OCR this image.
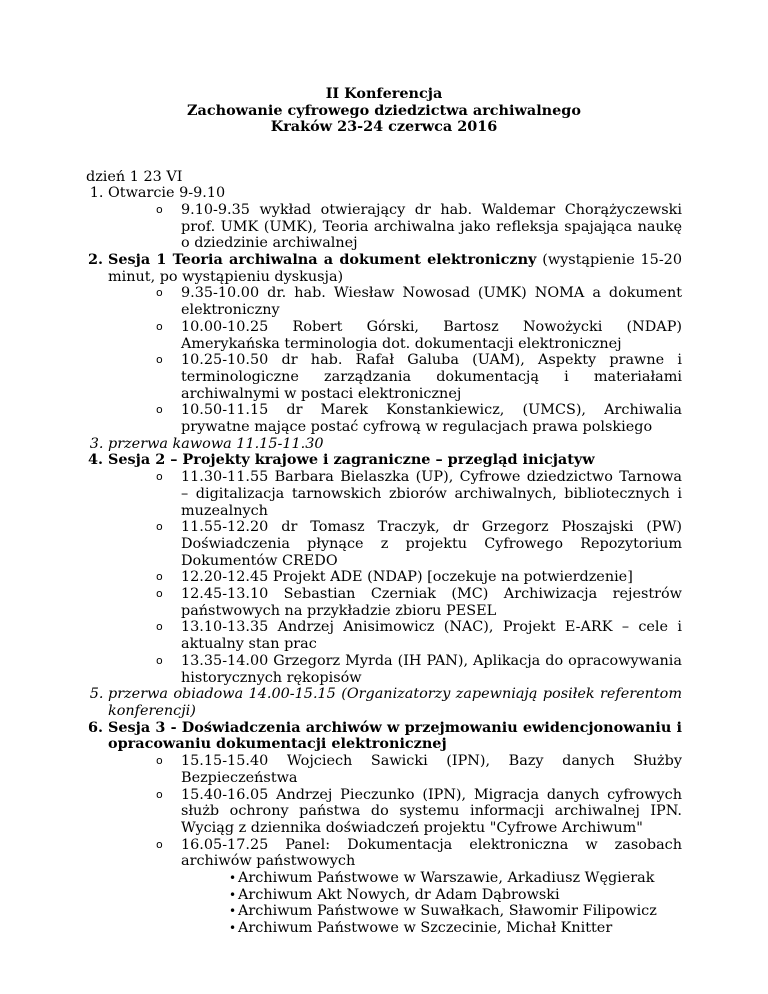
II Konferencja
Zachowanie cyfrowego dziedzictwa archiwalnego
Kraków 23-24 czerwca 2016
dzień 1 23 VI
1. Otwarcie 9-9.10
o 9.10-9.35 wykład otwierający dr hab. Waldemar Chorążyczewski prof. UMK (UMK), Teoria archiwalna jako refleksja spajająca naukę o dziedzinie archiwalnej
2. Sesja 1 Teoria archiwalna a dokument elektroniczny (wystąpienie 15-20 minut, po wystąpieniu dyskusja)
o 9.35-10.00 dr. hab. Wiesław Nowosad (UMK) NOMA a dokument elektroniczny
o 10.00-10.25 Robert Górski, Bartosz Nowożycki (NDAP) Amerykańska terminologia dot. dokumentacji elektronicznej
o 10.25-10.50 dr hab. Rafał Galuba (UAM), Aspekty prawne i terminologiczne zarządzania dokumentacją i materiałami archiwalnymi w postaci elektronicznej
o 10.50-11.15 dr Marek Konstankiewicz, (UMCS), Archiwalia prywatne mające postać cyfrową w regulacjach prawa polskiego
3. przerwa kawowa 11.15-11.30
4. Sesja 2 – Projekty krajowe i zagraniczne – przegląd inicjatyw
o 11.30-11.55 Barbara Bielaszka (UP), Cyfrowe dziedzictwo Tarnowa – digitalizacja tarnowskich zbiorów archiwalnych, bibliotecznych i muzealnych
o 11.55-12.20 dr Tomasz Traczyk, dr Grzegorz Płoszajski (PW) Doświadczenia płynące z projektu Cyfrowego Repozytorium Dokumentów CREDO
o 12.20-12.45 Projekt ADE (NDAP) [oczekuje na potwierdzenie]
o 12.45-13.10 Sebastian Czerniak (MC) Archiwizacja rejestrów państwowych na przykładzie zbioru PESEL
o 13.10-13.35 Andrzej Anisimowicz (NAC), Projekt E-ARK – cele i aktualny stan prac
o 13.35-14.00 Grzegorz Myrda (IH PAN), Aplikacja do opracowywania historycznych rękopisów
5. przerwa obiadowa 14.00-15.15 (Organizatorzy zapewniają posiłek referentom konferencji)
6. Sesja 3 - Doświadczenia archiwów w przejmowaniu ewidencjonowaniu i opracowaniu dokumentacji elektronicznej
o 15.15-15.40 Wojciech Sawicki (IPN), Bazy danych Służby Bezpieczeństwa
o 15.40-16.05 Andrzej Pieczunko (IPN), Migracja danych cyfrowych służb ochrony państwa do systemu informacji archiwalnej IPN. Wyciąg z dziennika doświadczeń projektu "Cyfrowe Archiwum"
o 16.05-17.25 Panel: Dokumentacja elektroniczna w zasobach archiwów państwowych
• Archiwum Państwowe w Warszawie, Arkadiusz Węgierak
• Archiwum Akt Nowych, dr Adam Dąbrowski
• Archiwum Państwowe w Suwałkach, Sławomir Filipowicz
• Archiwum Państwowe w Szczecinie, Michał Knitter
